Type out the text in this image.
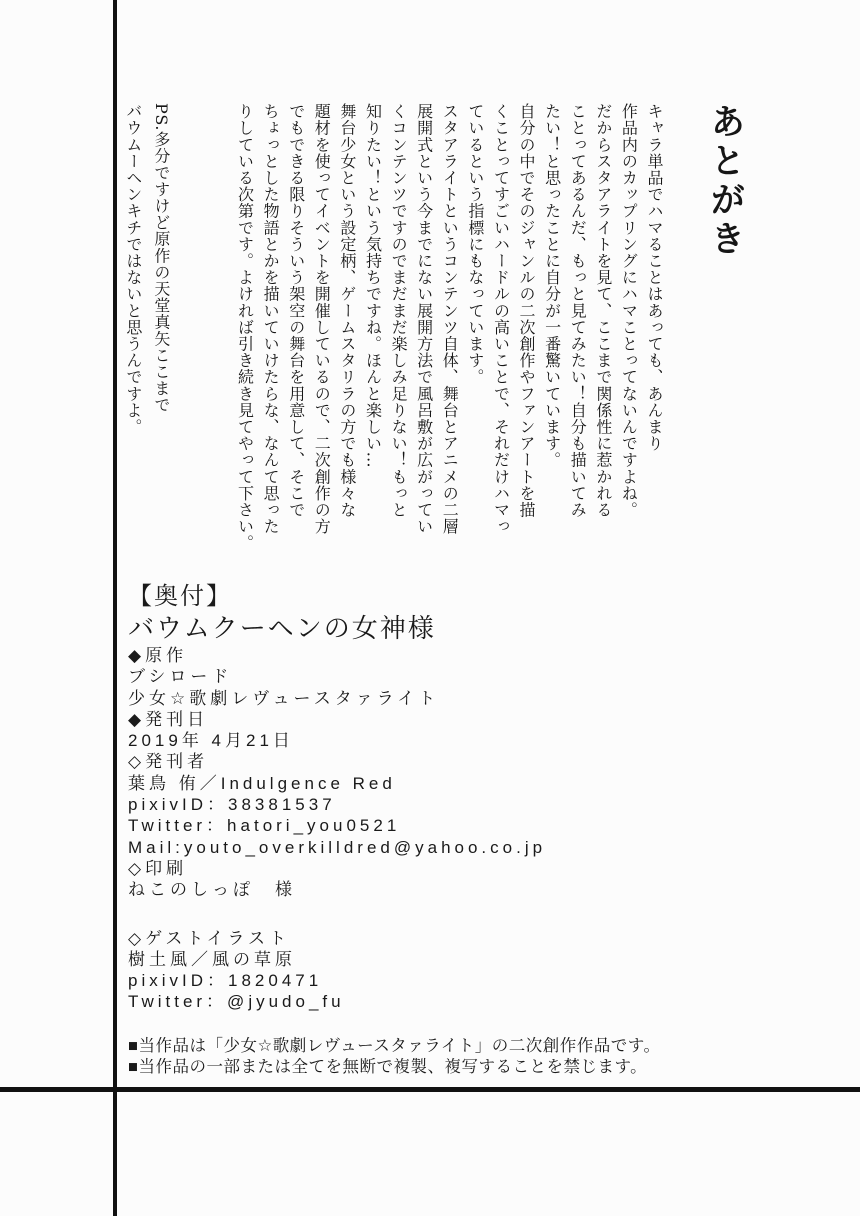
あとがき

キャラ単品でハマることはあっても、あんまり

作品内のカップリングにハマことってないんですよね。

だからスタアライトを見て、ここまで関係性に惹かれる

ことってあるんだ、もっと見てみたい！自分も描いてみ

たい！と思ったことに自分が一番驚いています。

自分の中でそのジャンルの二次創作やファンアートを描

くことってすごいハードルの高いことで、それだけハマっ

ているという指標にもなっています。

スタアライトというコンテンツ自体、舞台とアニメの二層

展開式という今までにない展開方法で風呂敷が広がってい

くコンテンツですのでまだまだ楽しみ足りない！もっと

知りたい！という気持ちですね。ほんと楽しい…

舞台少女という設定柄、ゲームスタリラの方でも様々な

題材を使ってイベントを開催しているので、二次創作の方

でもできる限りそういう架空の舞台を用意して、そこで

ちょっとした物語とかを描いていけたらな、なんて思った

りしている次第です。よければ引き続き見てやって下さい。

PS.多分ですけど原作の天堂真矢ここまで

バウムーヘンキチではないと思うんですよ。

【奥付】
バウムクーヘンの女神様
◆原作
ブシロード
少女☆歌劇レヴュースタァライト
◆発刊日
2019年 4月21日
◇発刊者
葉鳥 侑／Indulgence Red
pixivID：38381537
Twitter：hatori_you0521
Mail:youto_overkilldred@yahoo.co.jp
◇印刷
ねこのしっぽ　様
◇ゲストイラスト
樹土風／風の草原
pixivID：1820471
Twitter：@jyudo_fu
■当作品は「少女☆歌劇レヴュースタァライト」の二次創作作品です。
■当作品の一部または全てを無断で複製、複写することを禁じます。
